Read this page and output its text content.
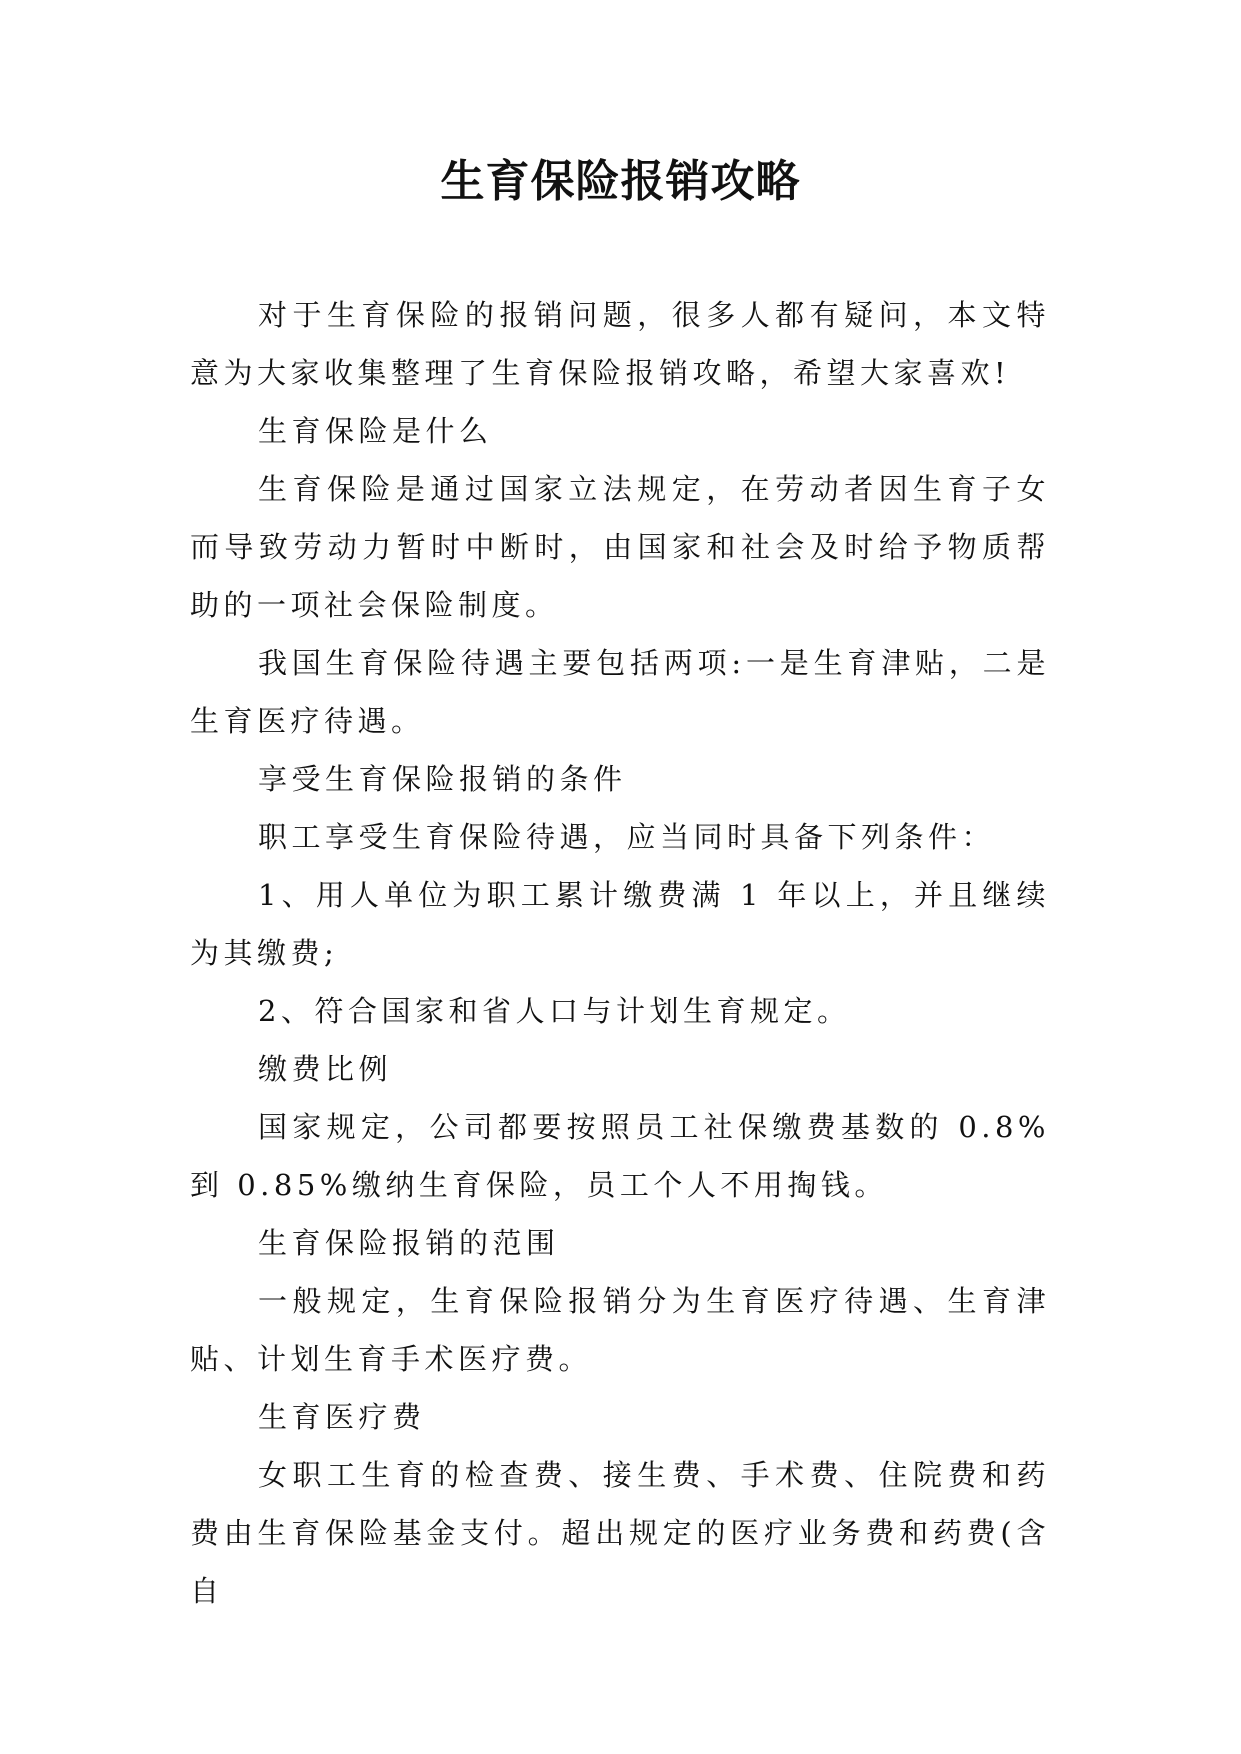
生育保险报销攻略

对于生育保险的报销问题，很多人都有疑问，本文特意为大家收集整理了生育保险报销攻略，希望大家喜欢!

生育保险是什么

生育保险是通过国家立法规定，在劳动者因生育子女而导致劳动力暂时中断时，由国家和社会及时给予物质帮助的一项社会保险制度。

我国生育保险待遇主要包括两项:一是生育津贴，二是生育医疗待遇。

享受生育保险报销的条件

职工享受生育保险待遇，应当同时具备下列条件：

1、用人单位为职工累计缴费满 1 年以上，并且继续为其缴费;

2、符合国家和省人口与计划生育规定。

缴费比例

国家规定，公司都要按照员工社保缴费基数的 0.8%到 0.85%缴纳生育保险，员工个人不用掏钱。

生育保险报销的范围

一般规定，生育保险报销分为生育医疗待遇、生育津贴、计划生育手术医疗费。

生育医疗费

女职工生育的检查费、接生费、手术费、住院费和药费由生育保险基金支付。超出规定的医疗业务费和药费(含自
